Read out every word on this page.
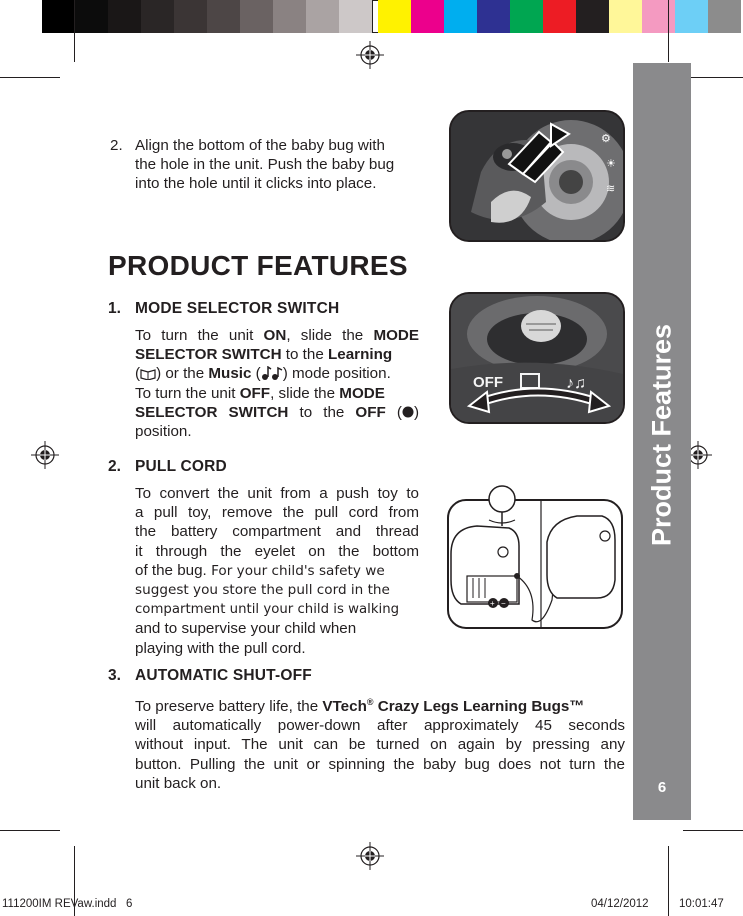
2. Align the bottom of the baby bug with
the hole in the unit. Push the baby bug
into the hole until it clicks into place.
⚙
☀
≋
PRODUCT FEATURES
1. MODE SELECTOR SWITCH
To turn the unit ON, slide the MODE
SELECTOR SWITCH to the Learning
( ) or the Music ( ) mode position.
To turn the unit OFF, slide the MODE
SELECTOR SWITCH to the OFF ( )
position.
OFF	♪♫
2. PULL CORD
To convert the unit from a push toy to
a pull toy, remove the pull cord from
the battery compartment and thread
it through the eyelet on the bottom
of the bug. For your child's safety we
suggest you store the pull cord in the
compartment until your child is walking
and to supervise your child when
playing with the pull cord.
+ −
3. AUTOMATIC SHUT-OFF
To preserve battery life, the VTech® Crazy Legs Learning Bugs™
will automatically power-down after approximately 45 seconds
without input. The unit can be turned on again by pressing any
button. Pulling the unit or spinning the baby bug does not turn the
unit back on.
Product Features
6
111200IM REVaw.indd   6	04/12/2012	10:01:47
